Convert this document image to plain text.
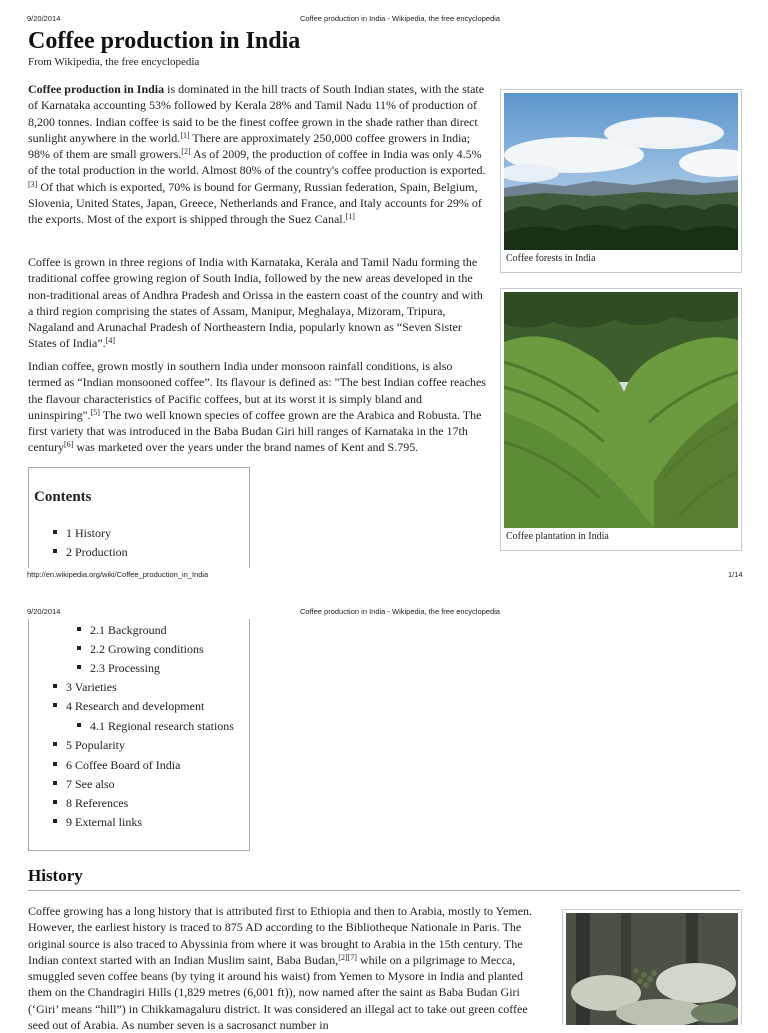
9/20/2014	Coffee production in India - Wikipedia, the free encyclopedia
Coffee production in India
From Wikipedia, the free encyclopedia

Coffee production in India is dominated in the hill tracts of South Indian states, with the state of Karnataka accounting 53% followed by Kerala 28% and Tamil Nadu 11% of production of 8,200 tonnes. Indian coffee is said to be the finest coffee grown in the shade rather than direct sunlight anywhere in the world.[1] There are approximately 250,000 coffee growers in India; 98% of them are small growers.[2] As of 2009, the production of coffee in India was only 4.5% of the total production in the world. Almost 80% of the country's coffee production is exported.[3] Of that which is exported, 70% is bound for Germany, Russian federation, Spain, Belgium, Slovenia, United States, Japan, Greece, Netherlands and France, and Italy accounts for 29% of the exports. Most of the export is shipped through the Suez Canal.[1]

Coffee is grown in three regions of India with Karnataka, Kerala and Tamil Nadu forming the traditional coffee growing region of South India, followed by the new areas developed in the non-traditional areas of Andhra Pradesh and Orissa in the eastern coast of the country and with a third region comprising the states of Assam, Manipur, Meghalaya, Mizoram, Tripura, Nagaland and Arunachal Pradesh of Northeastern India, popularly known as “Seven Sister States of India”.[4]

Indian coffee, grown mostly in southern India under monsoon rainfall conditions, is also termed as “Indian monsooned coffee”. Its flavour is defined as: "The best Indian coffee reaches the flavour characteristics of Pacific coffees, but at its worst it is simply bland and uninspiring".[5] The two well known species of coffee grown are the Arabica and Robusta. The first variety that was introduced in the Baba Budan Giri hill ranges of Karnataka in the 17th century[6] was marketed over the years under the brand names of Kent and S.795.

Coffee forests in India
Coffee plantation in India
Contents
1 History
2 Production
http://en.wikipedia.org/wiki/Coffee_production_in_India	1/14
9/20/2014	Coffee production in India - Wikipedia, the free encyclopedia
2.1 Background
2.2 Growing conditions
2.3 Processing
3 Varieties
4 Research and development
4.1 Regional research stations
5 Popularity
6 Coffee Board of India
7 See also
8 References
9 External links
History

Coffee growing has a long history that is attributed first to Ethiopia and then to Arabia, mostly to Yemen. However, the earliest history is traced to 875 AD according to the Bibliotheque Nationale in Paris. The original source is also traced to Abyssinia from where it was brought to Arabia in the 15th century. The Indian context started with an Indian Muslim saint, Baba Budan,[2][7] while on a pilgrimage to Mecca, smuggled seven coffee beans (by tying it around his waist) from Yemen to Mysore in India and planted them on the Chandragiri Hills (1,829 metres (6,001 ft)), now named after the saint as Baba Budan Giri (‘Giri’ means “hill”) in Chikkamagaluru district. It was considered an illegal act to take out green coffee seed out of Arabia. As number seven is a sacrosanct number in
